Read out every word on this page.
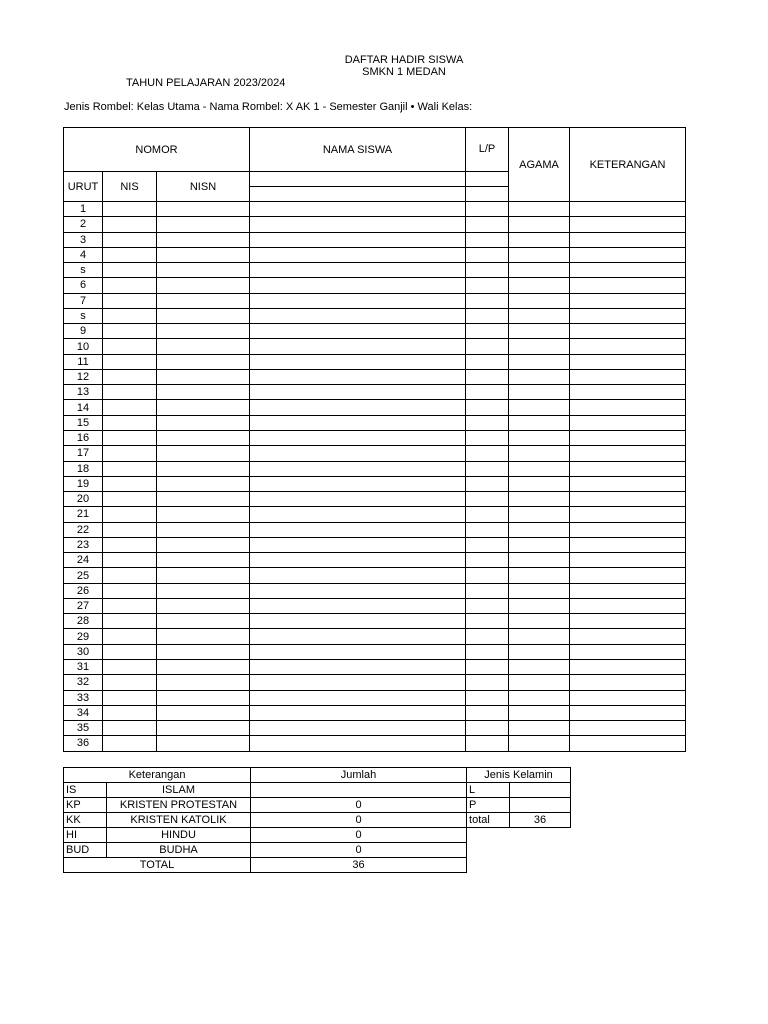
DAFTAR HADIR SISWA
SMKN 1 MEDAN
TAHUN PELAJARAN 2023/2024
Jenis Rombel: Kelas Utama - Nama Rombel: X AK 1 - Semester Ganjil • Wali Kelas:
NOMOR			NAMA SISWA	L/P	AGAMA	KETERANGAN
URUT	NIS	NISN				

1						
2						
3						
4						
s						
6						
7						
s						
9						
10						
11						
12						
13						
14						
15						
16						
17						
18						
19						
20						
21						
22						
23						
24						
25						
26						
27						
28						
29						
30						
31						
32						
33						
34						
35						
36						
Keterangan		Jumlah	Jenis Kelamin	
IS	ISLAM		L	
KP	KRISTEN PROTESTAN	0	P	
KK	KRISTEN KATOLIK	0	total	36
HI	HINDU	0		
BUD	BUDHA	0		
TOTAL		36		
